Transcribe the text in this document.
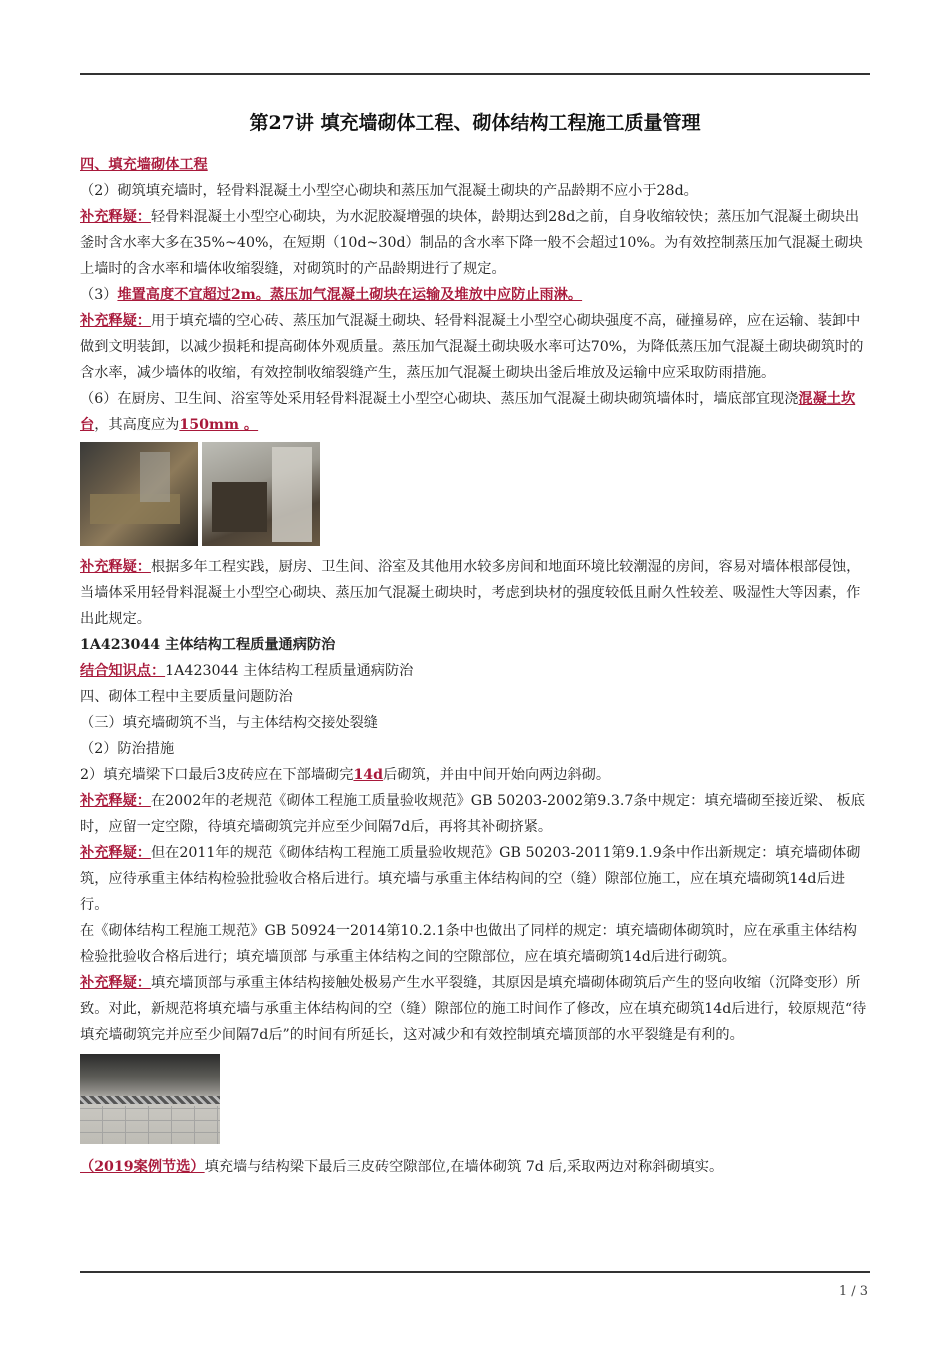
第27讲 填充墙砌体工程、砌体结构工程施工质量管理

四、填充墙砌体工程

（2）砌筑填充墙时，轻骨料混凝土小型空心砌块和蒸压加气混凝土砌块的产品龄期不应小于28d。

补充释疑：轻骨料混凝土小型空心砌块，为水泥胶凝增强的块体，龄期达到28d之前，自身收缩较快；蒸压加气混凝土砌块出釜时含水率大多在35%~40%，在短期（10d~30d）制品的含水率下降一般不会超过10%。为有效控制蒸压加气混凝土砌块上墙时的含水率和墙体收缩裂缝，对砌筑时的产品龄期进行了规定。

（3）堆置高度不宜超过2m。蒸压加气混凝土砌块在运输及堆放中应防止雨淋。

补充释疑：用于填充墙的空心砖、蒸压加气混凝土砌块、轻骨料混凝土小型空心砌块强度不高，碰撞易碎，应在运输、装卸中做到文明装卸，以减少损耗和提高砌体外观质量。蒸压加气混凝土砌块吸水率可达70%，为降低蒸压加气混凝土砌块砌筑时的含水率，减少墙体的收缩，有效控制收缩裂缝产生，蒸压加气混凝土砌块出釜后堆放及运输中应采取防雨措施。

（6）在厨房、卫生间、浴室等处采用轻骨料混凝土小型空心砌块、蒸压加气混凝土砌块砌筑墙体时，墙底部宜现浇混凝土坎台，其高度应为150mm 。

补充释疑：根据多年工程实践，厨房、卫生间、浴室及其他用水较多房间和地面环境比较潮湿的房间，容易对墙体根部侵蚀，当墙体采用轻骨料混凝土小型空心砌块、蒸压加气混凝土砌块时，考虑到块材的强度较低且耐久性较差、吸湿性大等因素，作出此规定。

1A423044 主体结构工程质量通病防治

结合知识点：1A423044 主体结构工程质量通病防治

四、砌体工程中主要质量问题防治

（三）填充墙砌筑不当，与主体结构交接处裂缝

（2）防治措施

2）填充墙梁下口最后3皮砖应在下部墙砌完14d后砌筑，并由中间开始向两边斜砌。

补充释疑：在2002年的老规范《砌体工程施工质量验收规范》GB 50203-2002第9.3.7条中规定：填充墙砌至接近梁、 板底时，应留一定空隙，待填充墙砌筑完并应至少间隔7d后，再将其补砌挤紧。

补充释疑：但在2011年的规范《砌体结构工程施工质量验收规范》GB 50203-2011第9.1.9条中作出新规定：填充墙砌体砌筑，应待承重主体结构检验批验收合格后进行。填充墙与承重主体结构间的空（缝）隙部位施工，应在填充墙砌筑14d后进行。

在《砌体结构工程施工规范》GB 50924一2014第10.2.1条中也做出了同样的规定：填充墙砌体砌筑时，应在承重主体结构检验批验收合格后进行；填充墙顶部 与承重主体结构之间的空隙部位，应在填充墙砌筑14d后进行砌筑。

补充释疑：填充墙顶部与承重主体结构接触处极易产生水平裂缝，其原因是填充墙砌体砌筑后产生的竖向收缩（沉降变形）所致。对此，新规范将填充墙与承重主体结构间的空（缝）隙部位的施工时间作了修改，应在填充砌筑14d后进行，较原规范“待填充墙砌筑完并应至少间隔7d后”的时间有所延长，这对减少和有效控制填充墙顶部的水平裂缝是有利的。

（2019案例节选）填充墙与结构梁下最后三皮砖空隙部位,在墙体砌筑 7d 后,采取两边对称斜砌填实。

1 / 3
